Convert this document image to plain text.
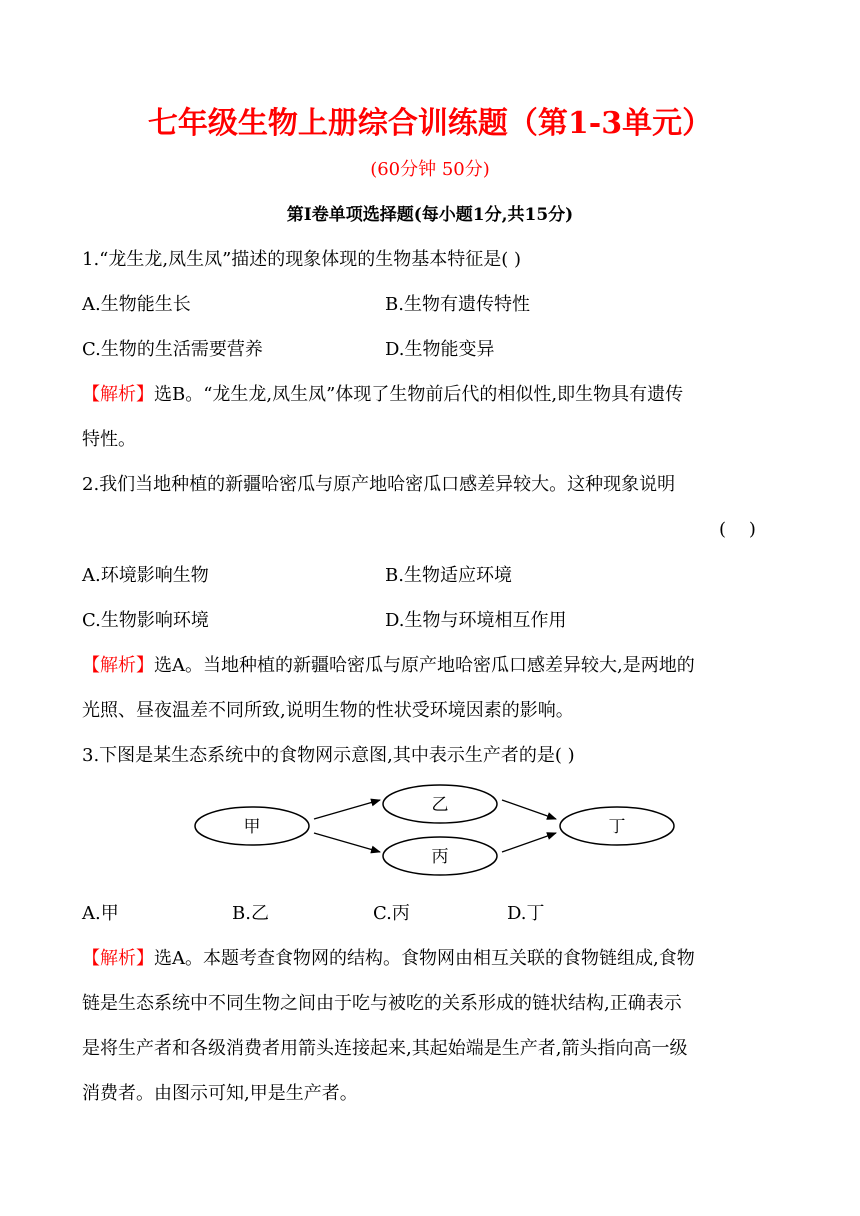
七年级生物上册综合训练题（第1-3单元）
(60分钟 50分)
第Ⅰ卷单项选择题(每小题1分,共15分)
1.“龙生龙,凤生凤”描述的现象体现的生物基本特征是( )
A.生物能生长	B.生物有遗传特性
C.生物的生活需要营养	D.生物能变异
【解析】选B。“龙生龙,凤生凤”体现了生物前后代的相似性,即生物具有遗传
特性。
2.我们当地种植的新疆哈密瓜与原产地哈密瓜口感差异较大。这种现象说明
(    )
A.环境影响生物	B.生物适应环境
C.生物影响环境	D.生物与环境相互作用
【解析】选A。当地种植的新疆哈密瓜与原产地哈密瓜口感差异较大,是两地的
光照、昼夜温差不同所致,说明生物的性状受环境因素的影响。
3.下图是某生态系统中的食物网示意图,其中表示生产者的是( )
甲
乙
丙
丁
A.甲	B.乙	C.丙	D.丁
【解析】选A。本题考查食物网的结构。食物网由相互关联的食物链组成,食物
链是生态系统中不同生物之间由于吃与被吃的关系形成的链状结构,正确表示
是将生产者和各级消费者用箭头连接起来,其起始端是生产者,箭头指向高一级
消费者。由图示可知,甲是生产者。
